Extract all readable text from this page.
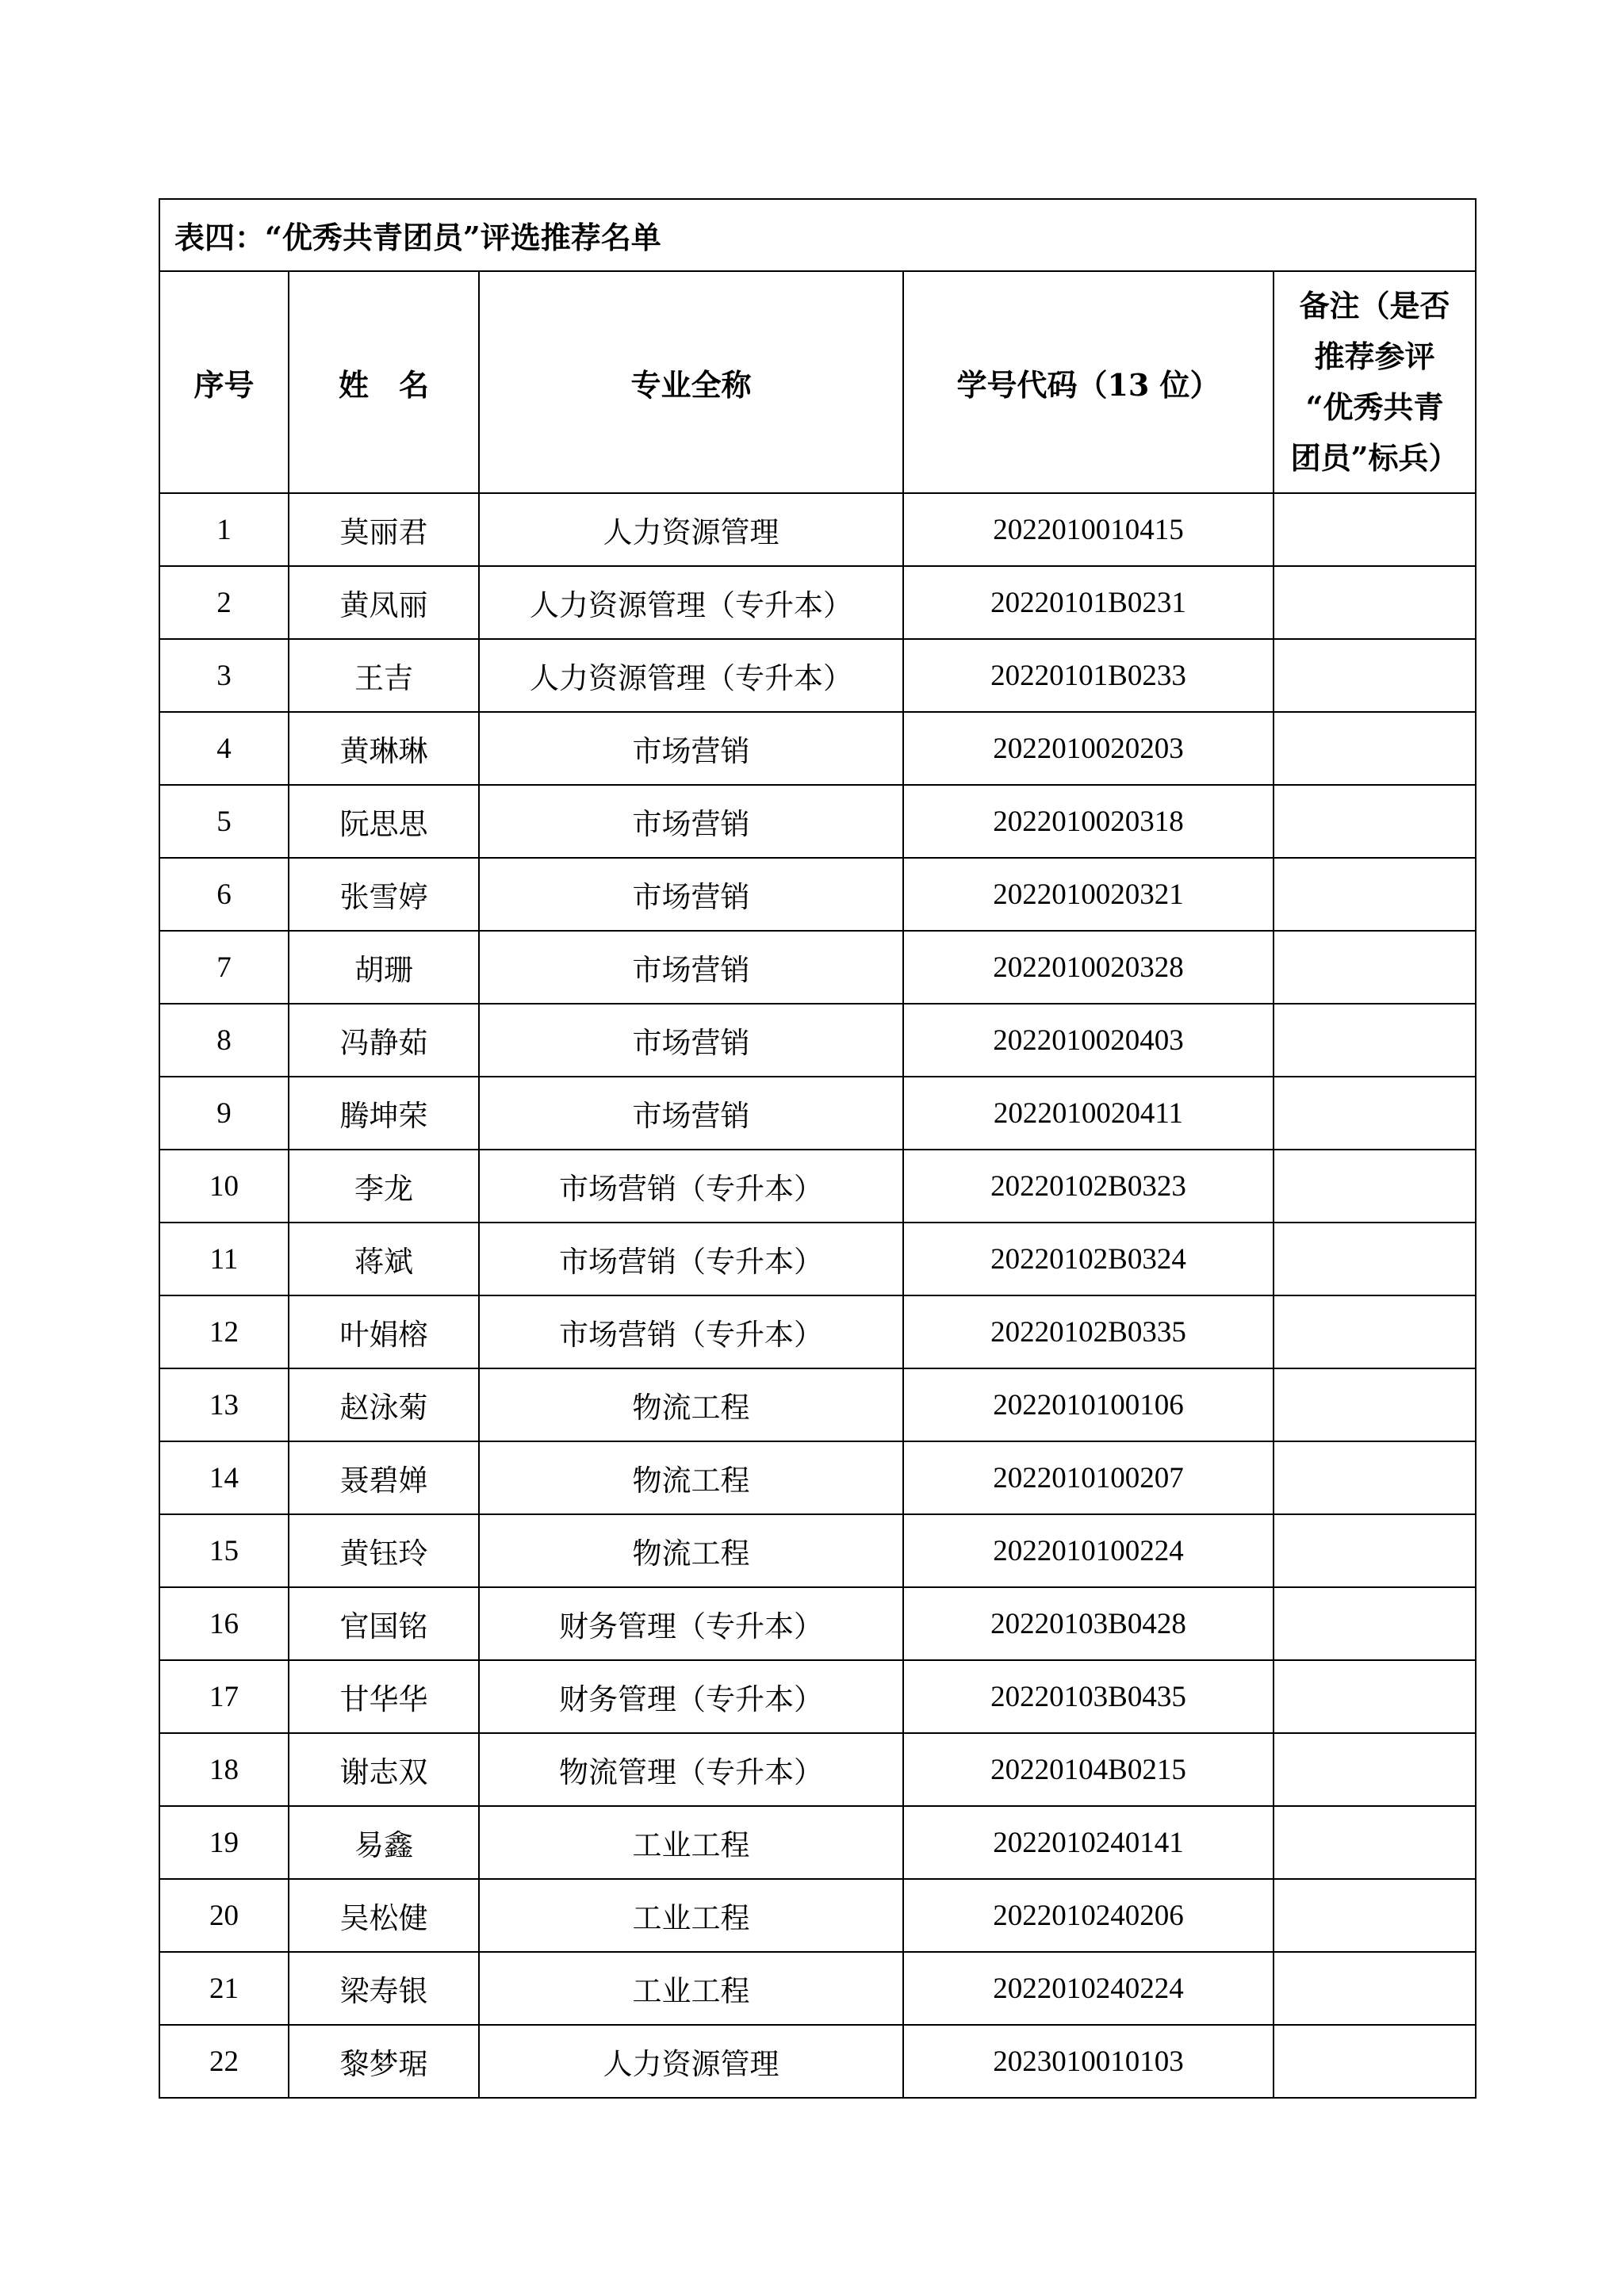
表四：“优秀共青团员”评选推荐名单				
序号	姓　名	专业全称	学号代码（13 位）	备注（是否
推荐参评
“优秀共青
团员”标兵）

1	莫丽君	人力资源管理	2022010010415	
2	黄凤丽	人力资源管理（专升本）	20220101B0231	
3	王吉	人力资源管理（专升本）	20220101B0233	
4	黄琳琳	市场营销	2022010020203	
5	阮思思	市场营销	2022010020318	
6	张雪婷	市场营销	2022010020321	
7	胡珊	市场营销	2022010020328	
8	冯静茹	市场营销	2022010020403	
9	腾坤荣	市场营销	2022010020411	
10	李龙	市场营销（专升本）	20220102B0323	
11	蒋斌	市场营销（专升本）	20220102B0324	
12	叶娟榕	市场营销（专升本）	20220102B0335	
13	赵泳菊	物流工程	2022010100106	
14	聂碧婵	物流工程	2022010100207	
15	黄钰玲	物流工程	2022010100224	
16	官国铭	财务管理（专升本）	20220103B0428	
17	甘华华	财务管理（专升本）	20220103B0435	
18	谢志双	物流管理（专升本）	20220104B0215	
19	易鑫	工业工程	2022010240141	
20	吴松健	工业工程	2022010240206	
21	梁寿银	工业工程	2022010240224	
22	黎梦琚	人力资源管理	2023010010103	
